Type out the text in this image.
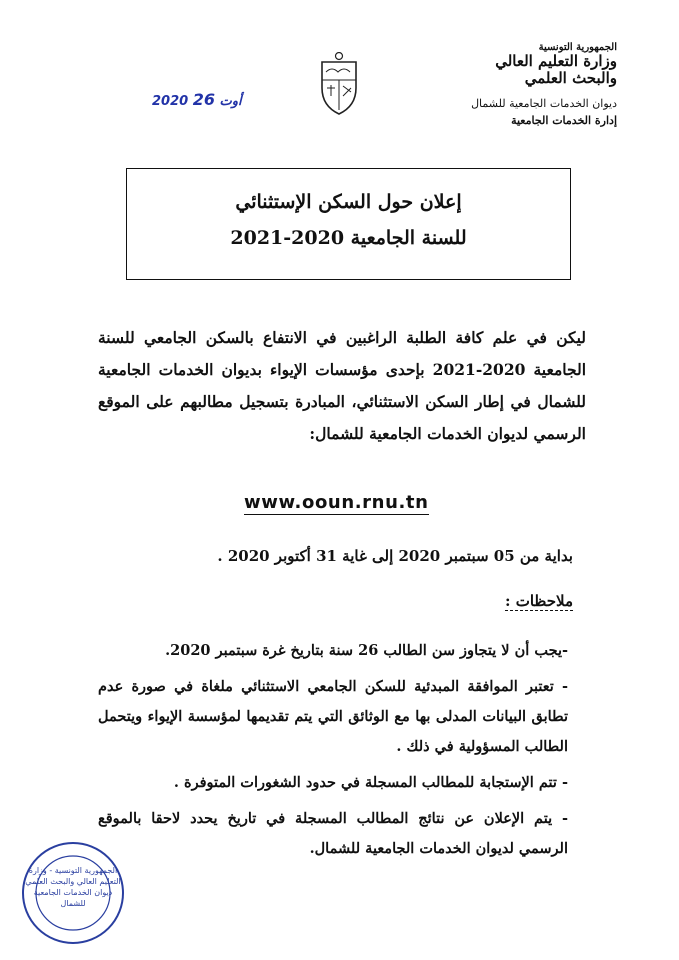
الجمهورية التونسية
وزارة التعليم العالي
والبحث العلمي
ديوان الخدمات الجامعية للشمال
إدارة الخدمات الجامعية
2020 أوت 26
إعلان حول السكن الإستثنائي
للسنة الجامعية 2020-2021
ليكن في علم كافة الطلبة الراغبين في الانتفاع بالسكن الجامعي للسنة الجامعية 2020-2021 بإحدى مؤسسات الإيواء بديوان الخدمات الجامعية للشمال في إطار السكن الاستثنائي، المبادرة بتسجيل مطالبهم على الموقع الرسمي لديوان الخدمات الجامعية للشمال:
www.ooun.rnu.tn
بداية من 05 سبتمبر 2020 إلى غاية 31 أكتوبر 2020 .
ملاحظات :

-يجب أن لا يتجاوز سن الطالب 26 سنة بتاريخ غرة سبتمبر 2020.

- تعتبر الموافقة المبدئية للسكن الجامعي الاستثنائي ملغاة في صورة عدم تطابق البيانات المدلى بها مع الوثائق التي يتم تقديمها لمؤسسة الإيواء ويتحمل الطالب المسؤولية في ذلك .

- تتم الإستجابة للمطالب المسجلة في حدود الشغورات المتوفرة .

- يتم الإعلان عن نتائج المطالب المسجلة في تاريخ يحدد لاحقا بالموقع الرسمي لديوان الخدمات الجامعية للشمال.

الجمهورية التونسية - وزارة التعليم العالي والبحث العلمي
ديوان الخدمات الجامعية للشمال
